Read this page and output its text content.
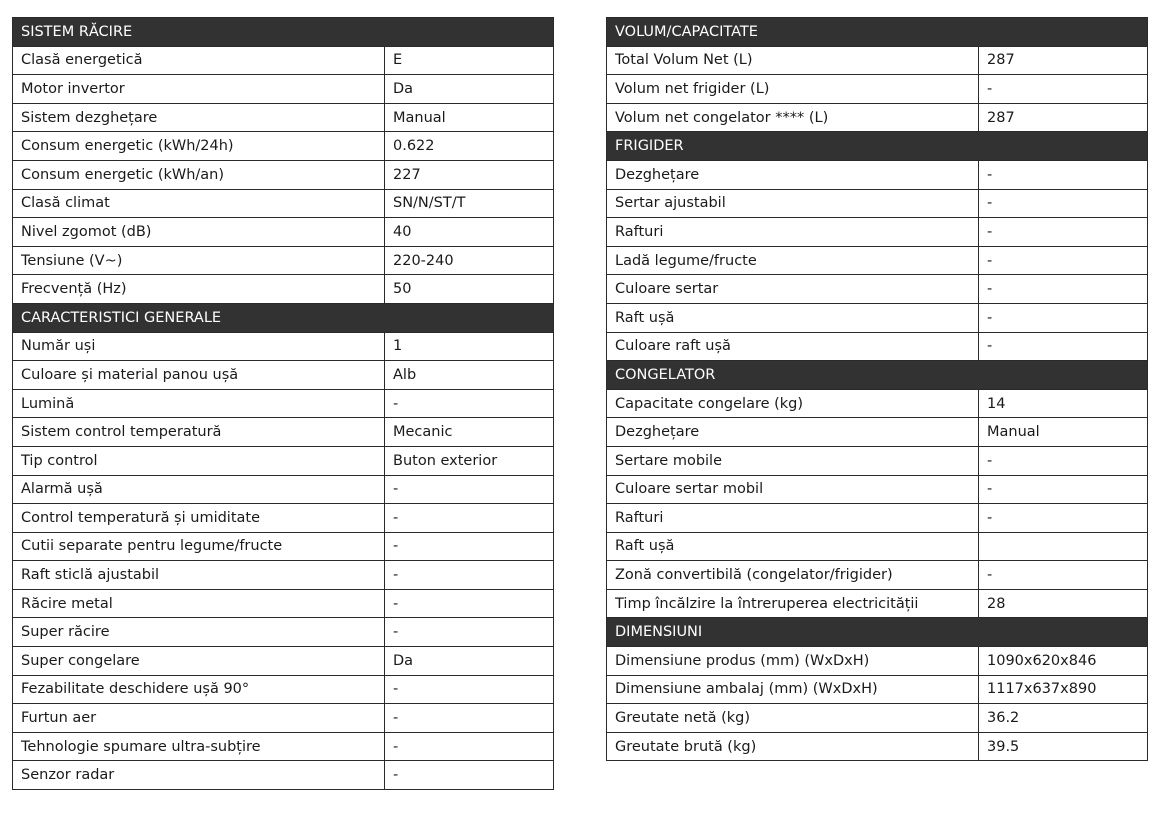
SISTEM RĂCIRE	
Clasă energetică	E
Motor invertor	Da
Sistem dezghețare	Manual
Consum energetic (kWh/24h)	0.622
Consum energetic (kWh/an)	227
Clasă climat	SN/N/ST/T
Nivel zgomot (dB)	40
Tensiune (V~)	220-240
Frecvență (Hz)	50
CARACTERISTICI GENERALE	
Număr uși	1
Culoare și material panou ușă	Alb
Lumină	-
Sistem control temperatură	Mecanic
Tip control	Buton exterior
Alarmă ușă	-
Control temperatură și umiditate	-
Cutii separate pentru legume/fructe	-
Raft sticlă ajustabil	-
Răcire metal	-
Super răcire	-
Super congelare	Da
Fezabilitate deschidere ușă 90°	-
Furtun aer	-
Tehnologie spumare ultra-subțire	-
Senzor radar	-
VOLUM/CAPACITATE	
Total Volum Net (L)	287
Volum net frigider (L)	-
Volum net congelator **** (L)	287
FRIGIDER	
Dezghețare	-
Sertar ajustabil	-
Rafturi	-
Ladă legume/fructe	-
Culoare sertar	-
Raft ușă	-
Culoare raft ușă	-
CONGELATOR	
Capacitate congelare (kg)	14
Dezghețare	Manual
Sertare mobile	-
Culoare sertar mobil	-
Rafturi	-
Raft ușă	
Zonă convertibilă (congelator/frigider)	-
Timp încălzire la întreruperea electricității	28
DIMENSIUNI	
Dimensiune produs (mm) (WxDxH)	1090x620x846
Dimensiune ambalaj (mm) (WxDxH)	1117x637x890
Greutate netă (kg)	36.2
Greutate brută (kg)	39.5
